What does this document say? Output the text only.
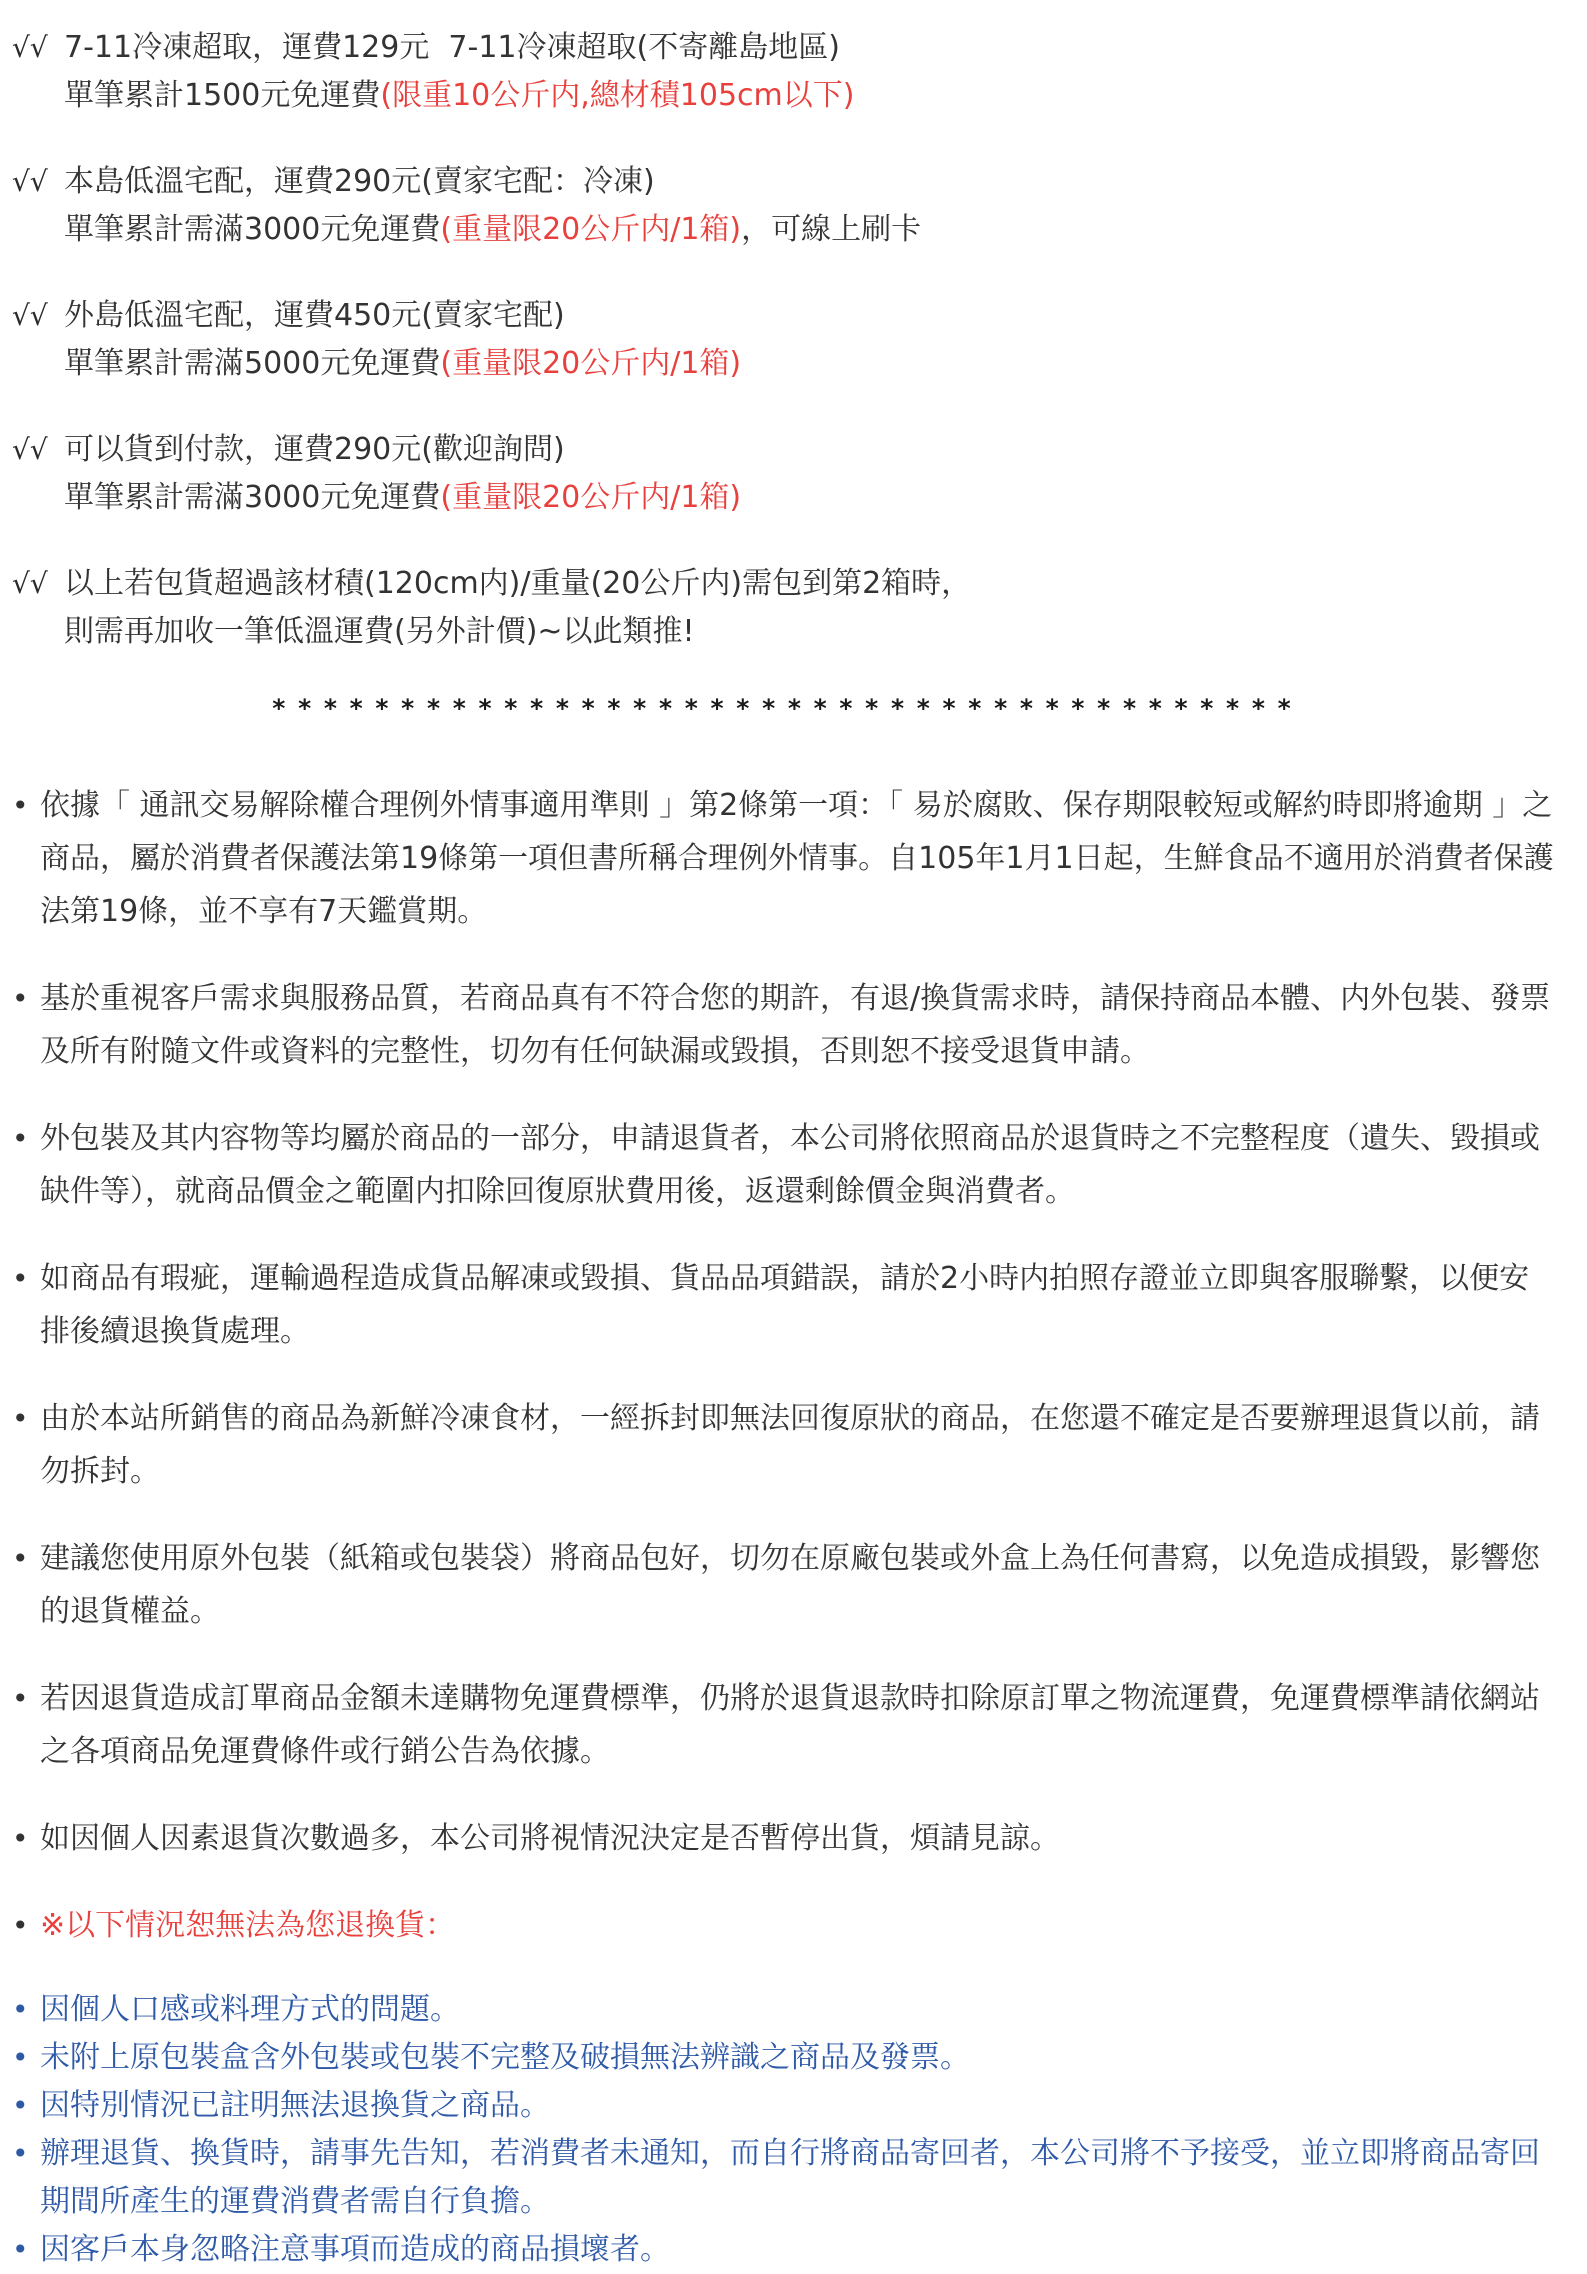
√√ 7-11冷凍超取，運費129元  7-11冷凍超取(不寄離島地區)
單筆累計1500元免運費(限重10公斤内,總材積105cm以下)
√√ 本島低溫宅配，運費290元(賣家宅配：冷凍)
單筆累計需滿3000元免運費(重量限20公斤内/1箱)，可線上刷卡
√√ 外島低溫宅配，運費450元(賣家宅配)
單筆累計需滿5000元免運費(重量限20公斤内/1箱)
√√ 可以貨到付款，運費290元(歡迎詢問)
單筆累計需滿3000元免運費(重量限20公斤内/1箱)
√√ 以上若包貨超過該材積(120cm内)/重量(20公斤内)需包到第2箱時，
則需再加收一筆低溫運費(另外計價)~以此類推!
* * * * * * * * * * * * * * * * * * * * * * * * * * * * * * * * * * * * * * * *
• 依據「 通訊交易解除權合理例外情事適用準則 」第2條第一項：「 易於腐敗、保存期限較短或解約時即將逾期 」之商品，屬於消費者保護法第19條第一項但書所稱合理例外情事。自105年1月1日起，生鮮食品不適用於消費者保護法第19條，並不享有7天鑑賞期。
• 基於重視客戶需求與服務品質，若商品真有不符合您的期許，有退/換貨需求時，請保持商品本體、内外包裝、發票及所有附隨文件或資料的完整性，切勿有任何缺漏或毀損，否則恕不接受退貨申請。
• 外包裝及其内容物等均屬於商品的一部分，申請退貨者，本公司將依照商品於退貨時之不完整程度（遺失、毀損或缺件等），就商品價金之範圍内扣除回復原狀費用後，返還剩餘價金與消費者。
• 如商品有瑕疵，運輸過程造成貨品解凍或毀損、貨品品項錯誤，請於2小時内拍照存證並立即與客服聯繫，以便安排後續退換貨處理。
• 由於本站所銷售的商品為新鮮冷凍食材，一經拆封即無法回復原狀的商品，在您還不確定是否要辦理退貨以前，請勿拆封。
• 建議您使用原外包裝（紙箱或包裝袋）將商品包好，切勿在原廠包裝或外盒上為任何書寫，以免造成損毀，影響您的退貨權益。
• 若因退貨造成訂單商品金額未達購物免運費標準，仍將於退貨退款時扣除原訂單之物流運費，免運費標準請依網站之各項商品免運費條件或行銷公告為依據。
• 如因個人因素退貨次數過多，本公司將視情況決定是否暫停出貨，煩請見諒。
• ※以下情況恕無法為您退換貨：
• 因個人口感或料理方式的問題。
• 未附上原包裝盒含外包裝或包裝不完整及破損無法辨識之商品及發票。
• 因特別情況已註明無法退換貨之商品。
• 辦理退貨、換貨時，請事先告知，若消費者未通知，而自行將商品寄回者，本公司將不予接受，並立即將商品寄回期間所產生的運費消費者需自行負擔。
• 因客戶本身忽略注意事項而造成的商品損壞者。
